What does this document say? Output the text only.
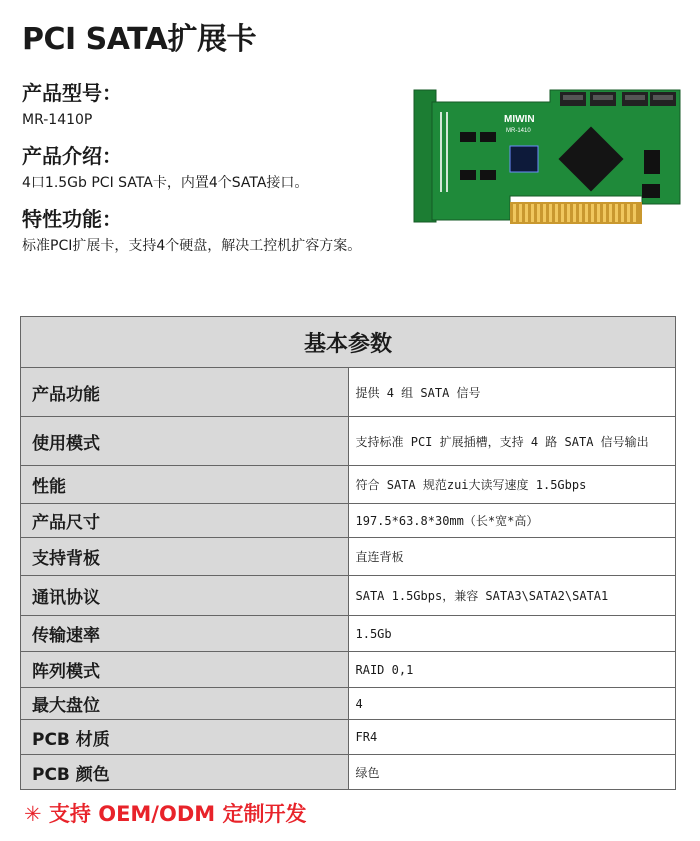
PCI SATA扩展卡
产品型号：
MR-1410P
产品介绍：
4口1.5Gb PCI SATA卡，内置4个SATA接口。
特性功能：
标准PCI扩展卡，支持4个硬盘，解决工控机扩容方案。
MIWIN
MR-1410
基本参数	
产品功能	提供 4 组 SATA 信号
使用模式	支持标准 PCI 扩展插槽，支持 4 路 SATA 信号输出
性能	符合 SATA 规范zui大读写速度 1.5Gbps
产品尺寸	197.5*63.8*30mm（长*宽*高）
支持背板	直连背板
通讯协议	SATA 1.5Gbps，兼容 SATA3\SATA2\SATA1
传输速率	1.5Gb
阵列模式	RAID 0,1
最大盘位	4
PCB 材质	FR4
PCB 颜色	绿色
✳ 支持 OEM/ODM 定制开发
